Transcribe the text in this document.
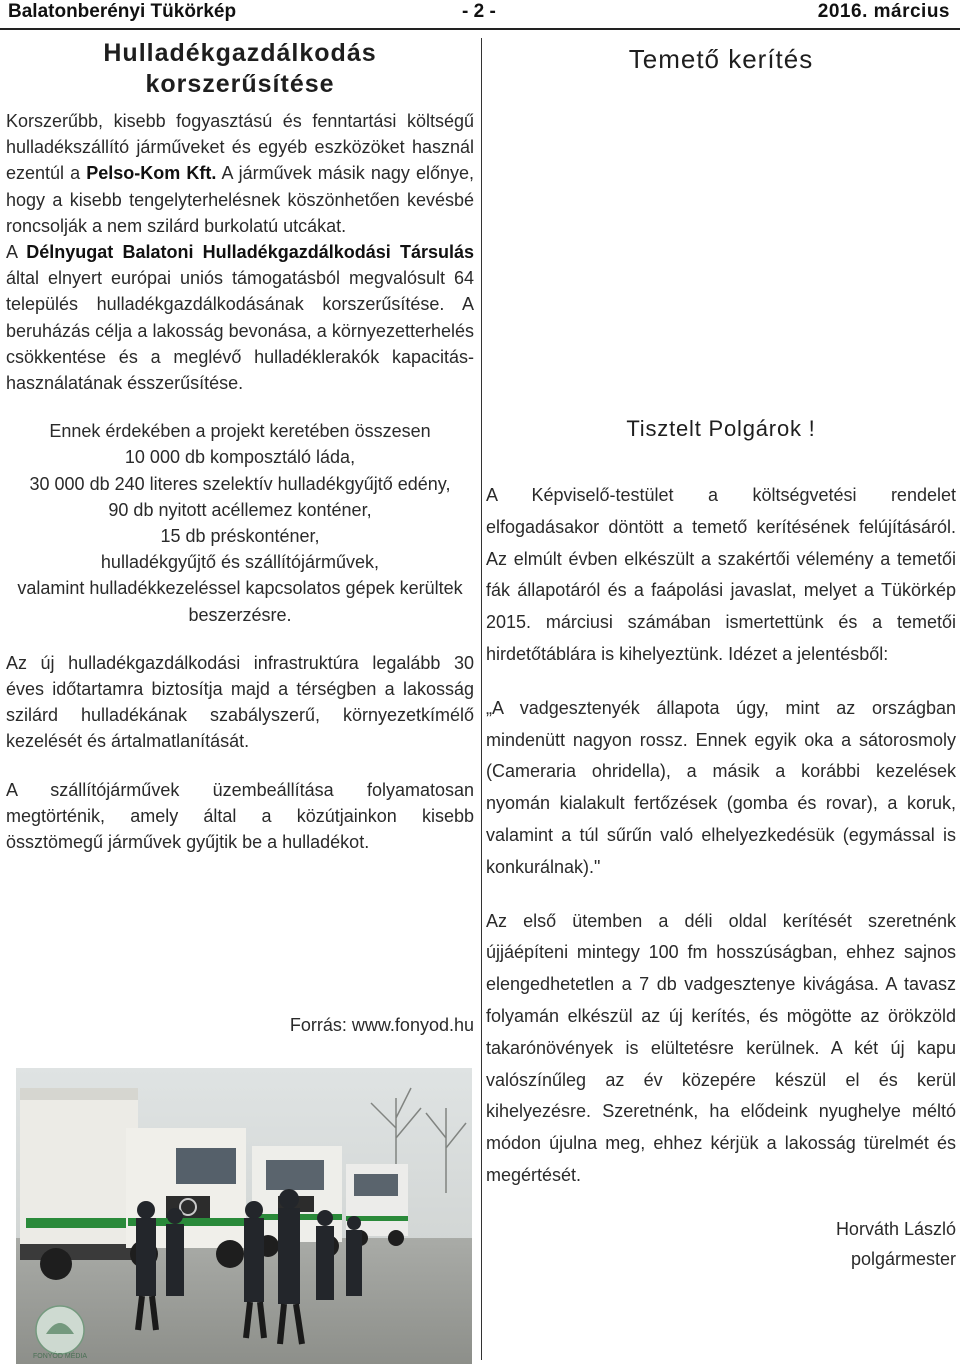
Balatonberényi Tükörkép	- 2 -	2016. március
Hulladékgazdálkodás
korszerűsítése

Korszerűbb, kisebb fogyasztású és fenntartási költségű hulladékszállító járműveket és egyéb eszközöket használ ezentúl a Pelso-Kom Kft. A járművek másik nagy előnye, hogy a kisebb tengelyterhelésnek köszönhetően kevésbé roncsolják a nem szilárd burkolatú utcákat.

A Délnyugat Balatoni Hulladékgazdálkodási Társulás által elnyert európai uniós támogatásból megvalósult 64 település hulladékgazdálkodásának korszerűsítése. A beruházás célja a lakosság bevonása, a környezetterhelés csökkentése és a meglévő hulladéklerakók kapacitás-használatának ésszerűsítése.

Ennek érdekében a projekt keretében összesen

10 000 db komposztáló láda,

30 000 db 240 literes szelektív hulladékgyűjtő edény,

90 db nyitott acéllemez konténer,

15 db préskonténer,

hulladékgyűjtő és szállítójárművek,

valamint hulladékkezeléssel kapcsolatos gépek kerültek beszerzésre.

Az új hulladékgazdálkodási infrastruktúra legalább 30 éves időtartamra biztosítja majd a térségben a lakosság szilárd hulladékának szabályszerű, környezetkímélő kezelését és ártalmatlanítását.

A szállítójárművek üzembeállítása folyamatosan megtörténik, amely által a közútjainkon kisebb össztömegű járművek gyűjtik be a hulladékot.

Forrás: www.fonyod.hu
FONYÓD MÉDIA
Temető kerítés
Tisztelt Polgárok !

A Képviselő-testület a költségvetési rendelet elfogadásakor döntött a temető kerítésének felújításáról. Az elmúlt évben elkészült a szakértői vélemény a temetői fák állapotáról és a faápolási javaslat, melyet a Tükörkép 2015. márciusi számában ismertettünk és a temetői hirdetőtáblára is kihelyeztünk. Idézet a jelentésből:

„A vadgesztenyék állapota úgy, mint az országban mindenütt nagyon rossz. Ennek egyik oka a sátorosmoly (Cameraria ohridella), a másik a korábbi kezelések nyomán kialakult fertőzések (gomba és rovar), a koruk, valamint a túl sűrűn való elhelyezkedésük (egymással is konkurálnak)."

Az első ütemben a déli oldal kerítését szeretnénk újjáépíteni mintegy 100 fm hosszúságban, ehhez sajnos elengedhetetlen a 7 db vadgesztenye kivágása. A tavasz folyamán elkészül az új kerítés, és mögötte az örökzöld takarónövények is elültetésre kerülnek. A két új kapu valószínűleg az év közepére készül el és kerül kihelyezésre. Szeretnénk, ha elődeink nyughelye méltó módon újulna meg, ehhez kérjük a lakosság türelmét és megértését.

Horváth László

polgármester
